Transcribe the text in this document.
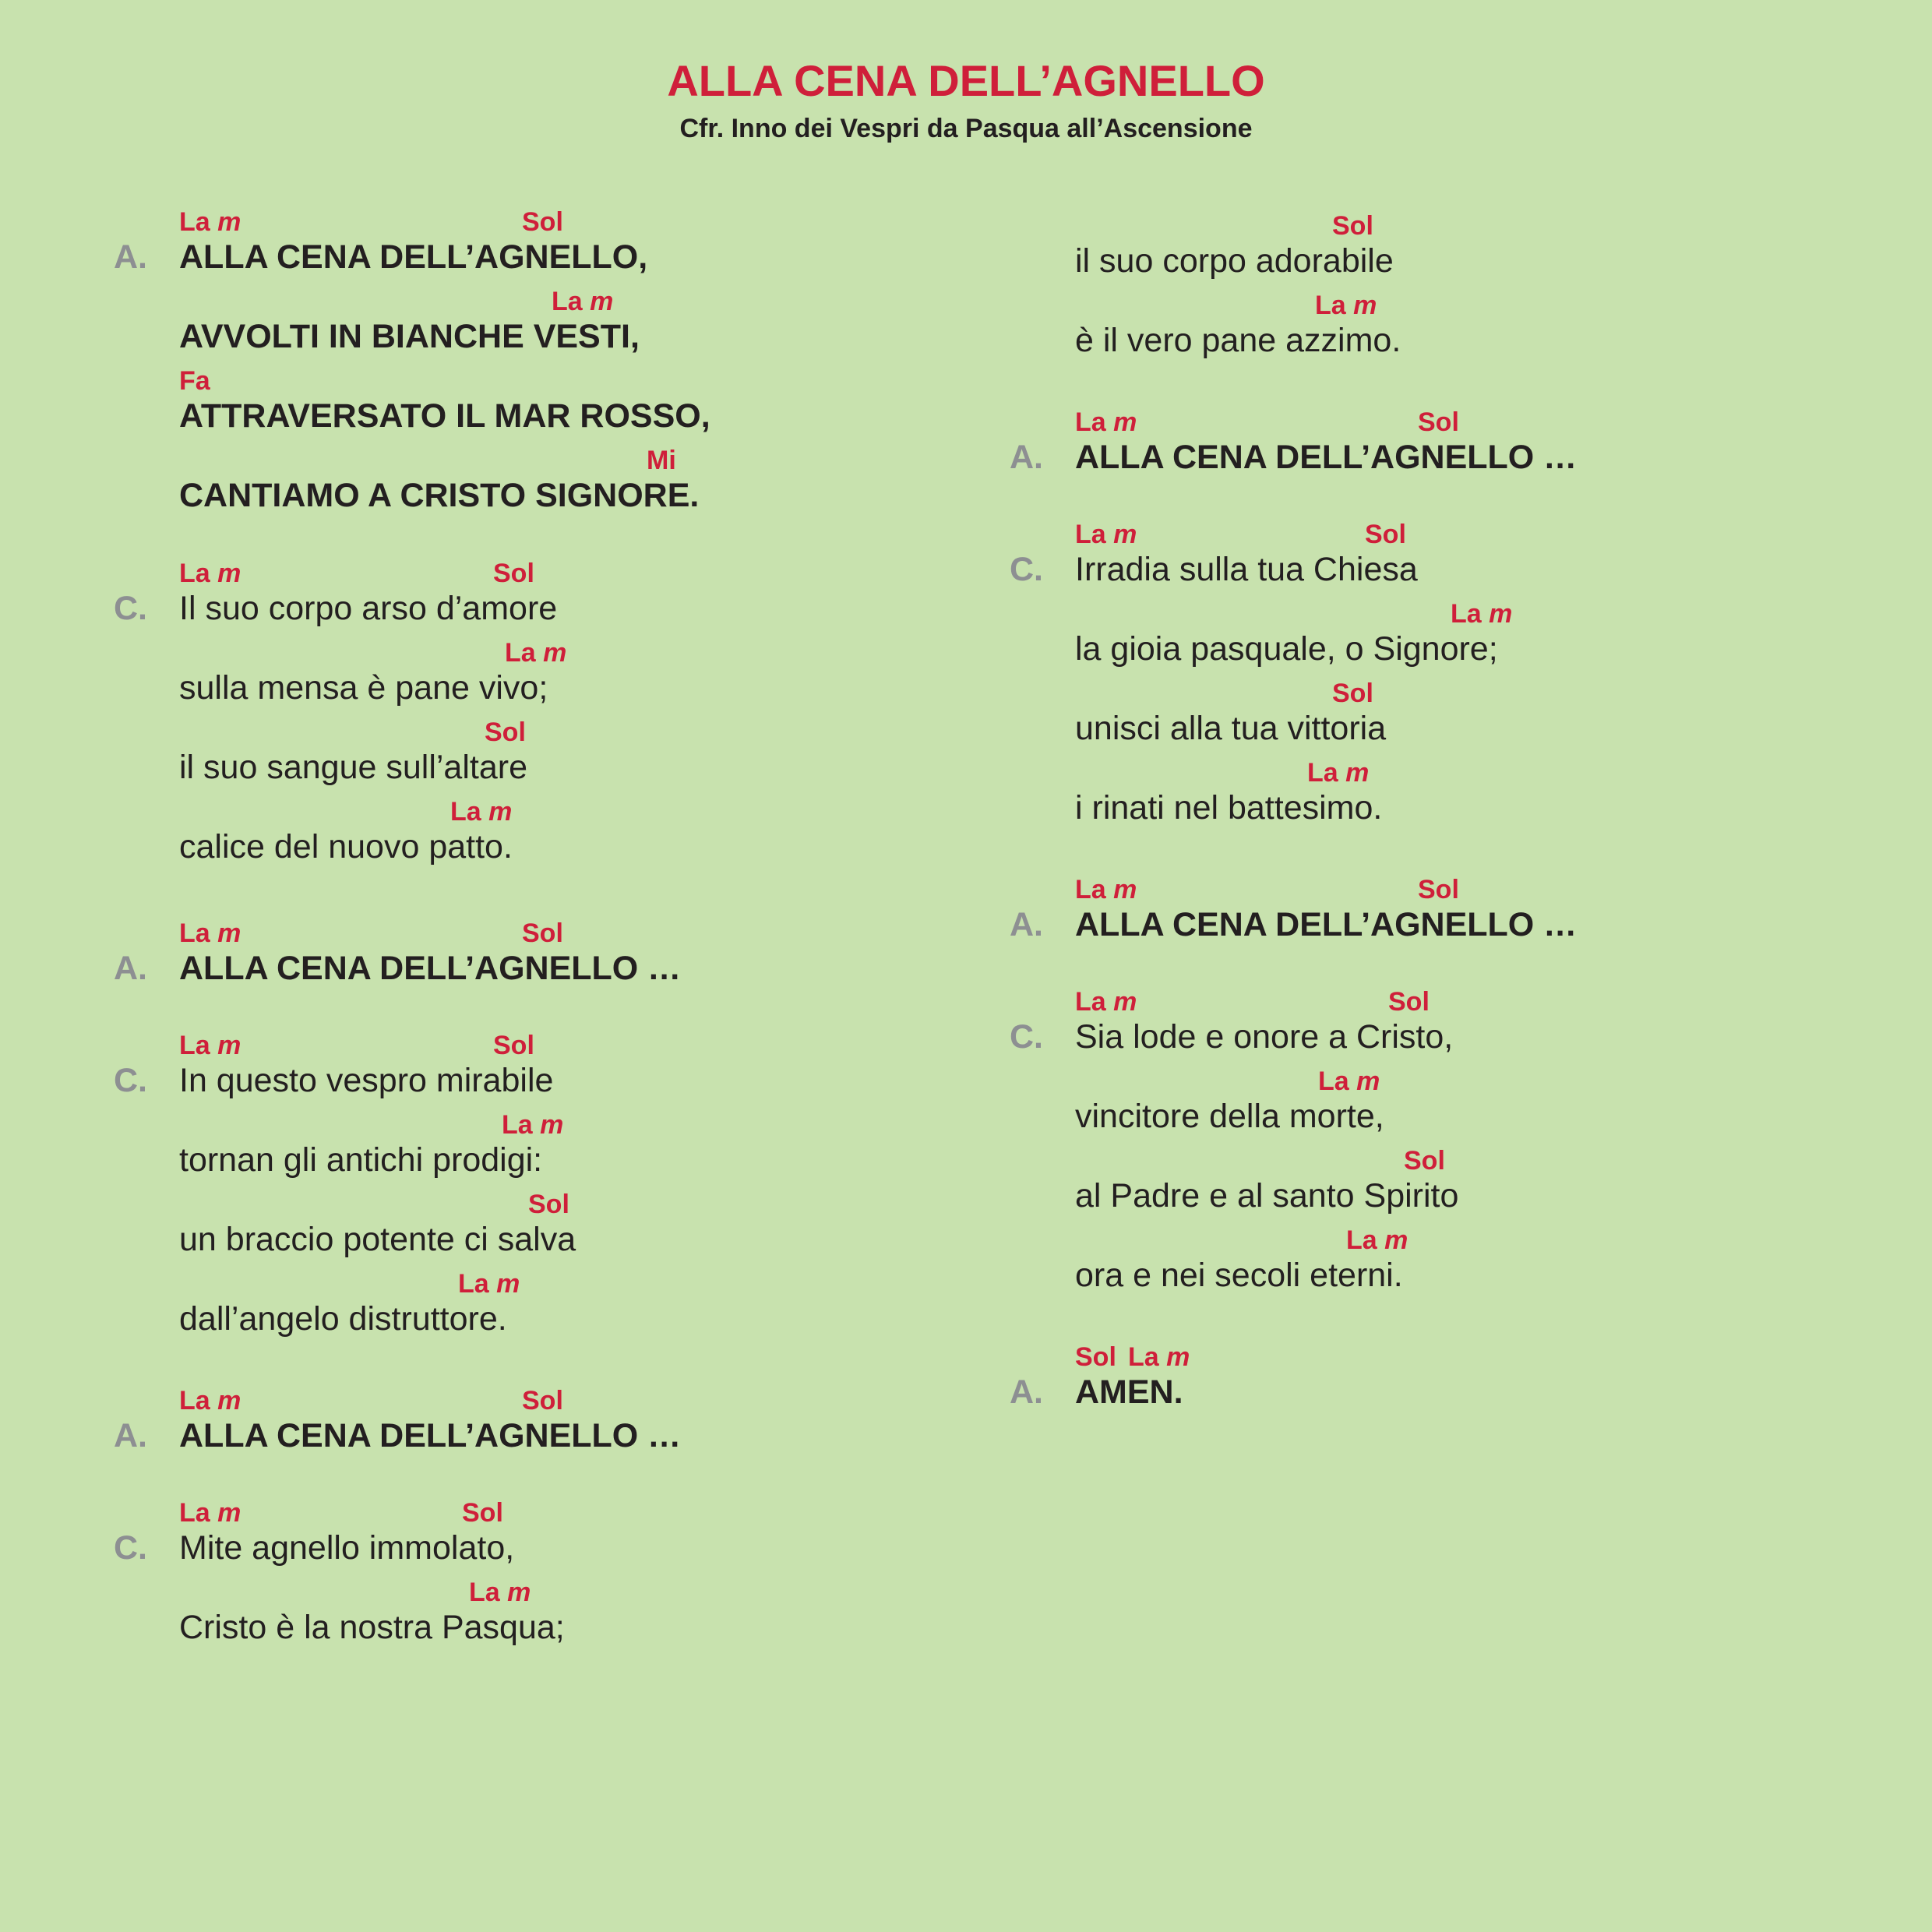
ALLA CENA DELL’AGNELLO
Cfr. Inno dei Vespri da Pasqua all’Ascensione
A.
La m	Sol
ALLA CENA DELL’AGNELLO,
La m
AVVOLTI IN BIANCHE VESTI,
Fa
ATTRAVERSATO IL MAR ROSSO,
Mi
CANTIAMO A CRISTO SIGNORE.
C.
La m	Sol
Il suo corpo arso d’amore
La m
sulla mensa è pane vivo;
Sol
il suo sangue sull’altare
La m
calice del nuovo patto.
A.
La m	Sol
ALLA CENA DELL’AGNELLO …
C.
La m	Sol
In questo vespro mirabile
La m
tornan gli antichi prodigi:
Sol
un braccio potente ci salva
La m
dall’angelo distruttore.
A.
La m	Sol
ALLA CENA DELL’AGNELLO …
C.
La m	Sol
Mite agnello immolato,
La m
Cristo è la nostra Pasqua;
Sol
il suo corpo adorabile
La m
è il vero pane azzimo.
A.
La m	Sol
ALLA CENA DELL’AGNELLO …
C.
La m	Sol
Irradia sulla tua Chiesa
La m
la gioia pasquale, o Signore;
Sol
unisci alla tua vittoria
La m
i rinati nel battesimo.
A.
La m	Sol
ALLA CENA DELL’AGNELLO …
C.
La m	Sol
Sia lode e onore a Cristo,
La m
vincitore della morte,
Sol
al Padre e al santo Spirito
La m
ora e nei secoli eterni.
A.
Sol La m
AMEN.
